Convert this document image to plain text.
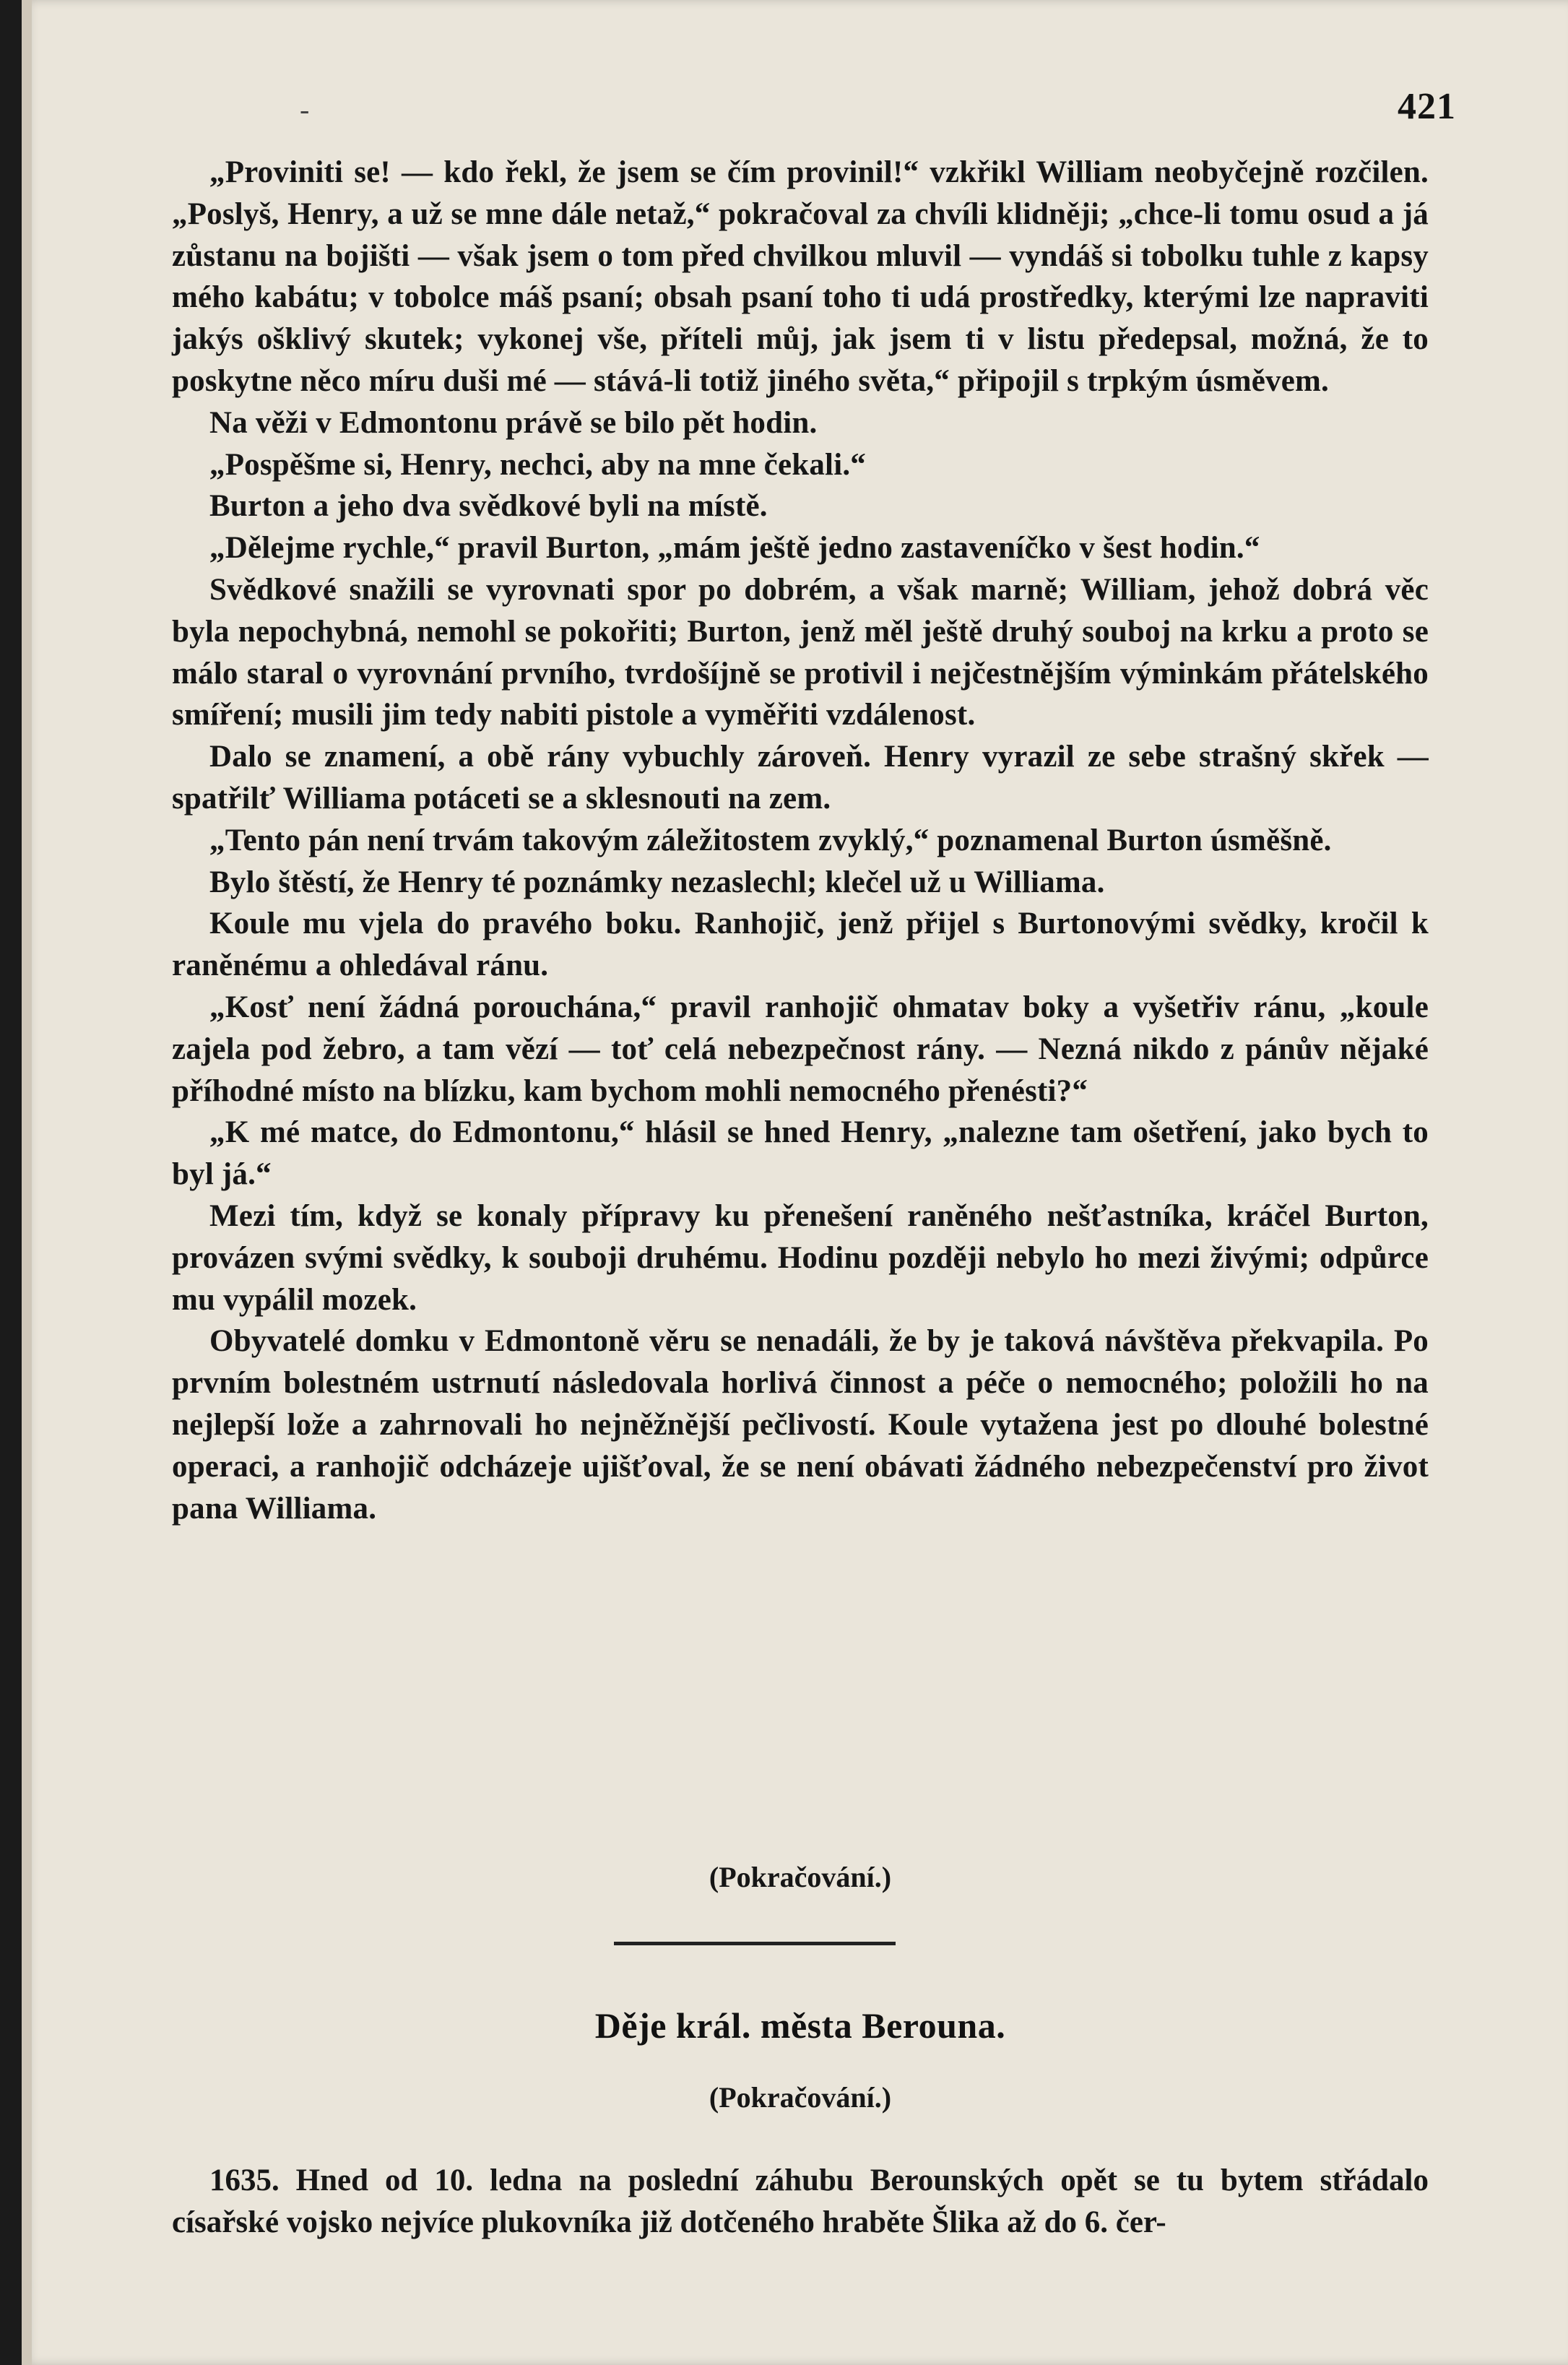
-	421

„Proviniti se! — kdo řekl, že jsem se čím provinil!“ vzkřikl William neobyčejně rozčilen. „Poslyš, Henry, a už se mne dále netaž,“ pokračoval za chvíli klidněji; „chce-li tomu osud a já zůstanu na bojišti — však jsem o tom před chvilkou mluvil — vyndáš si tobolku tuhle z kapsy mého kabátu; v tobolce máš psaní; obsah psaní toho ti udá prostředky, kterými lze napraviti jakýs ošklivý skutek; vykonej vše, příteli můj, jak jsem ti v listu předepsal, možná, že to poskytne něco míru duši mé — stává-li totiž jiného světa,“ připojil s trpkým úsměvem.

Na věži v Edmontonu právě se bilo pět hodin.

„Pospěšme si, Henry, nechci, aby na mne čekali.“

Burton a jeho dva svědkové byli na místě.

„Dělejme rychle,“ pravil Burton, „mám ještě jedno zastaveníčko v šest hodin.“

Svědkové snažili se vyrovnati spor po dobrém, a však marně; William, jehož dobrá věc byla nepochybná, nemohl se pokořiti; Burton, jenž měl ještě druhý souboj na krku a proto se málo staral o vyrovnání prvního, tvrdošíjně se protivil i nejčestnějším výminkám přátelského smíření; musili jim tedy nabiti pistole a vyměřiti vzdálenost.

Dalo se znamení, a obě rány vybuchly zároveň. Henry vyrazil ze sebe strašný skřek — spatřilť Williama potáceti se a sklesnouti na zem.

„Tento pán není trvám takovým záležitostem zvyklý,“ poznamenal Burton úsměšně.

Bylo štěstí, že Henry té poznámky nezaslechl; klečel už u Williama.

Koule mu vjela do pravého boku. Ranhojič, jenž přijel s Burtonovými svědky, kročil k raněnému a ohledával ránu.

„Kosť není žádná porouchána,“ pravil ranhojič ohmatav boky a vyšetřiv ránu, „koule zajela pod žebro, a tam vězí — toť celá nebezpečnost rány. — Nezná nikdo z pánův nějaké příhodné místo na blízku, kam bychom mohli nemocného přenésti?“

„K mé matce, do Edmontonu,“ hlásil se hned Henry, „nalezne tam ošetření, jako bych to byl já.“

Mezi tím, když se konaly přípravy ku přenešení raněného nešťastníka, kráčel Burton, provázen svými svědky, k souboji druhému. Hodinu později nebylo ho mezi živými; odpůrce mu vypálil mozek.

Obyvatelé domku v Edmontoně věru se nenadáli, že by je taková návštěva překvapila. Po prvním bolestném ustrnutí následovala horlivá činnost a péče o nemocného; položili ho na nejlepší lože a zahrnovali ho nejněžnější pečlivostí. Koule vytažena jest po dlouhé bolestné operaci, a ranhojič odcházeje ujišťoval, že se není obávati žádného nebezpečenství pro život pana Williama.

(Pokračování.)
Děje král. města Berouna.
(Pokračování.)

1635. Hned od 10. ledna na poslední záhubu Berounských opět se tu bytem střádalo císařské vojsko nejvíce plukovníka již dotčeného hraběte Šlika až do 6. čer-
